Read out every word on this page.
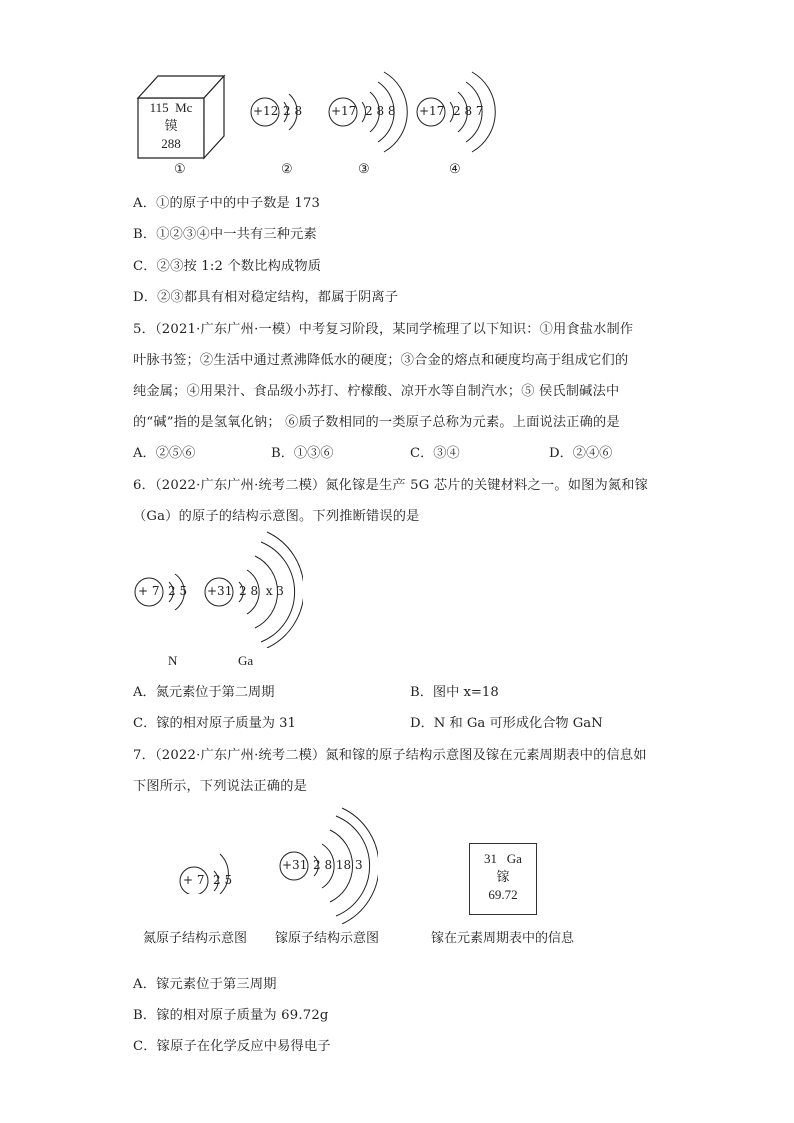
115  Mc
镆
288
+12 2 8 +17 2 8 8 +17 2 8 7
①	②	③	④
A．①的原子中的中子数是 173
B．①②③④中一共有三种元素
C．②③按 1:2 个数比构成物质
D．②③都具有相对稳定结构，都属于阴离子
5．（2021·广东广州·一模）中考复习阶段，某同学梳理了以下知识：①用食盐水制作
叶脉书签；②生活中通过煮沸降低水的硬度；③合金的熔点和硬度均高于组成它们的
纯金属；④用果汁、食品级小苏打、柠檬酸、凉开水等自制汽水；⑤ 侯氏制碱法中
的“碱”指的是氢氧化钠； ⑥质子数相同的一类原子总称为元素。上面说法正确的是
A．②⑤⑥	B．①③⑥	C．③④	D．②④⑥
6．（2022·广东广州·统考二模）氮化镓是生产 5G 芯片的关键材料之一。如图为氮和镓
（Ga）的原子的结构示意图。下列推断错误的是
+ 7 2 5 +31 2 8  x 3
N	Ga
A．氮元素位于第二周期	B．图中 x=18
C．镓的相对原子质量为 31	D．N 和 Ga 可形成化合物 GaN
7．（2022·广东广州·统考二模）氮和镓的原子结构示意图及镓在元素周期表中的信息如
下图所示，下列说法正确的是
+ 7 2 5
+31 2 8 18 3	31   Ga
镓
69.72
氮原子结构示意图 镓原子结构示意图	镓在元素周期表中的信息
A．镓元素位于第三周期
B．镓的相对原子质量为 69.72g
C．镓原子在化学反应中易得电子
